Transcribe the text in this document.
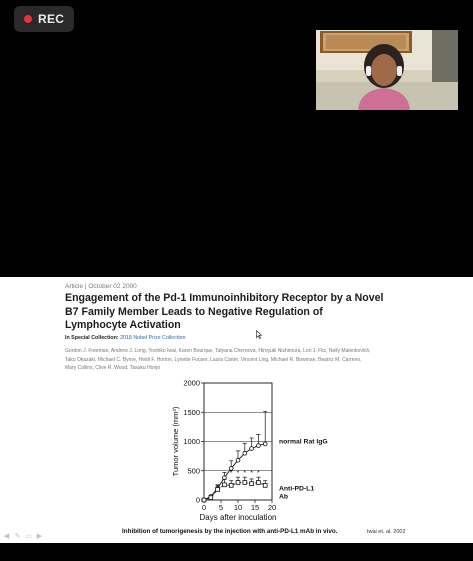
REC
Article | October 02 2000
Engagement of the Pd-1 Immunoinhibitory Receptor by a Novel B7 Family Member Leads to Negative Regulation of Lymphocyte Activation
In Special Collection: 2018 Nobel Prize Collection
Gordon J. Freeman, Andrew J. Long, Yoshiko Iwai, Karen Bourque, Tatyana Chernova, Hiroyuki Nishimura, Lori J. Fitz, Nelly Malenkovich,
Taku Okazaki, Michael C. Byrne, Heidi F. Horton, Lynette Fouser, Laura Carter, Vincent Ling, Michael R. Bowman, Beatriz M. Carreno,
Mary Collins, Clive R. Wood, Tasuku Honjo
0
500
1000
1500
2000
0 5 10 15 20
Days after inoculation
Tumor volume (mm³)	* * * * *
normal Rat IgG
Anti-PD-L1
Ab
Inhibition of tumorigenesis by the injection with anti-PD-L1 mAb in vivo.	Iwai et. al. 2002
◀ ✎ ▭ ▶
